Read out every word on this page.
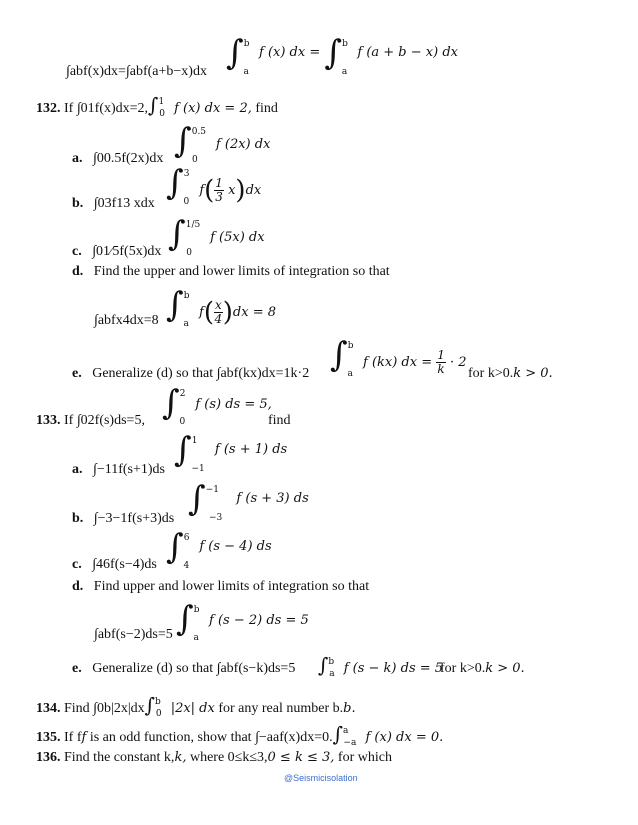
∫abf(x)dx=∫abf(a+b−x)dx ∫$^b_a$ f (x) dx = ∫$^b_a$ f (a + b − x) dx
132. If ∫01f(x)dx=2,∫$^1_0$ f (x) dx = 2, find
a. ∫00.5f(2x)dx ∫$^{0.5}_0$ f (2x) dx
b. ∫03f13 xdx
∫$^3_0$ $f( \frac{1}{3} x)dx$
c. ∫01⁄5f(5x)dx ∫$^{1/5}_0$ f (5x) dx
d. Find the upper and lower limits of integration so that
∫abfx4dx=8 ∫$^b_a$ $f( \frac{x}{4} )dx = 8$
e. Generalize (d) so that ∫abf(kx)dx=1k·2 ∫$^b_a$ f (kx) dx = $\frac{1}{k} \cdot 2$
for k>0.k > 0.
133. If ∫02f(s)ds=5, ∫$^2_0$ f (s) ds = 5,
find
a. ∫−11f(s+1)ds ∫$^1_{-1}$ f (s + 1) ds
b. ∫−3−1f(s+3)ds ∫$^{-1}_{-3}$ f (s + 3) ds
c. ∫46f(s−4)ds ∫$^6_4$ f (s − 4) ds
d. Find upper and lower limits of integration so that
∫abf(s−2)ds=5 ∫$^b_a$ f (s − 2) ds = 5
e. Generalize (d) so that ∫abf(s−k)ds=5 ∫$^b_a$ f (s − k) ds = 5
for k>0.k > 0.
134. Find ∫0b|2x|dx∫$^b_0$ |2x| dx for any real number b.b.
135. If ff is an odd function, show that ∫−aaf(x)dx=0.∫$^a_{-a}$ f (x) dx = 0.
136. Find the constant k,k, where 0≤k≤3,0 ≤ k ≤ 3, for which
@Seismicisolation
